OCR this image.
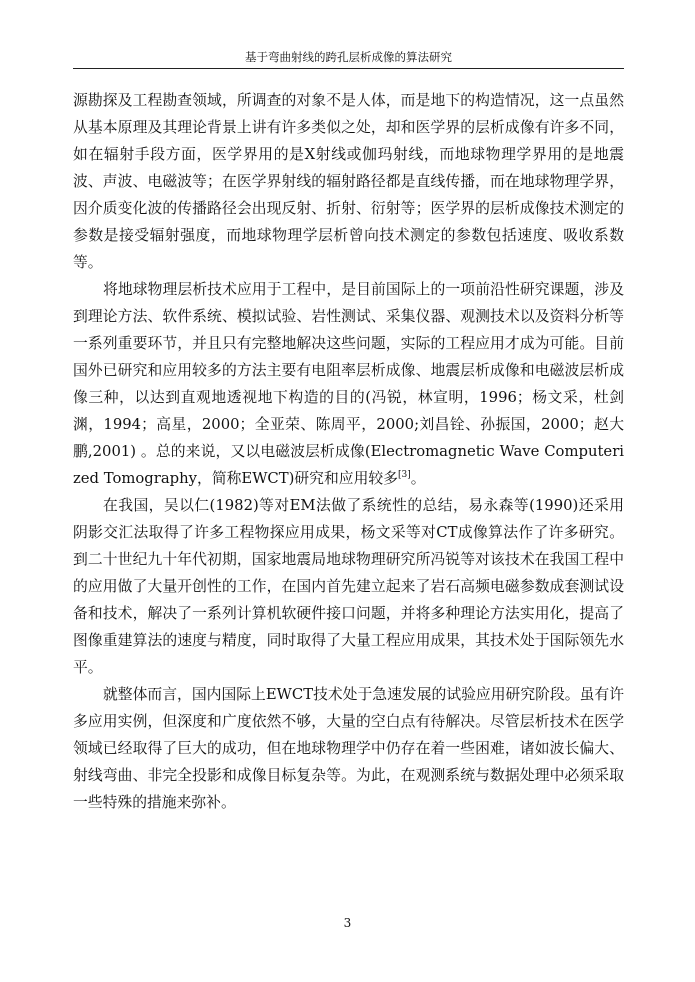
基于弯曲射线的跨孔层析成像的算法研究

源勘探及工程勘查领域，所调查的对象不是人体，而是地下的构造情况，这一点虽然从基本原理及其理论背景上讲有许多类似之处，却和医学界的层析成像有许多不同，如在辐射手段方面，医学界用的是X射线或伽玛射线，而地球物理学界用的是地震波、声波、电磁波等；在医学界射线的辐射路径都是直线传播，而在地球物理学界，因介质变化波的传播路径会出现反射、折射、衍射等；医学界的层析成像技术测定的参数是接受辐射强度，而地球物理学层析曾向技术测定的参数包括速度、吸收系数等。

将地球物理层析技术应用于工程中，是目前国际上的一项前沿性研究课题，涉及到理论方法、软件系统、模拟试验、岩性测试、采集仪器、观测技术以及资料分析等一系列重要环节，并且只有完整地解决这些问题，实际的工程应用才成为可能。目前国外已研究和应用较多的方法主要有电阻率层析成像、地震层析成像和电磁波层析成像三种，以达到直观地透视地下构造的目的(冯锐，林宣明，1996；杨文采，杜剑渊，1994；高星，2000；全亚荣、陈周平，2000;刘昌铨、孙振国，2000；赵大鹏,2001) 。总的来说，又以电磁波层析成像(Electromagnetic Wave Computerized Tomography，简称EWCT)研究和应用较多[3]。

在我国，吴以仁(1982)等对EM法做了系统性的总结，易永森等(1990)还采用阴影交汇法取得了许多工程物探应用成果，杨文采等对CT成像算法作了许多研究。到二十世纪九十年代初期，国家地震局地球物理研究所冯锐等对该技术在我国工程中的应用做了大量开创性的工作，在国内首先建立起来了岩石高频电磁参数成套测试设备和技术，解决了一系列计算机软硬件接口问题，并将多种理论方法实用化，提高了图像重建算法的速度与精度，同时取得了大量工程应用成果，其技术处于国际领先水平。

就整体而言，国内国际上EWCT技术处于急速发展的试验应用研究阶段。虽有许多应用实例，但深度和广度依然不够，大量的空白点有待解决。尽管层析技术在医学领域已经取得了巨大的成功，但在地球物理学中仍存在着一些困难，诸如波长偏大、射线弯曲、非完全投影和成像目标复杂等。为此，在观测系统与数据处理中必须采取一些特殊的措施来弥补。

3
